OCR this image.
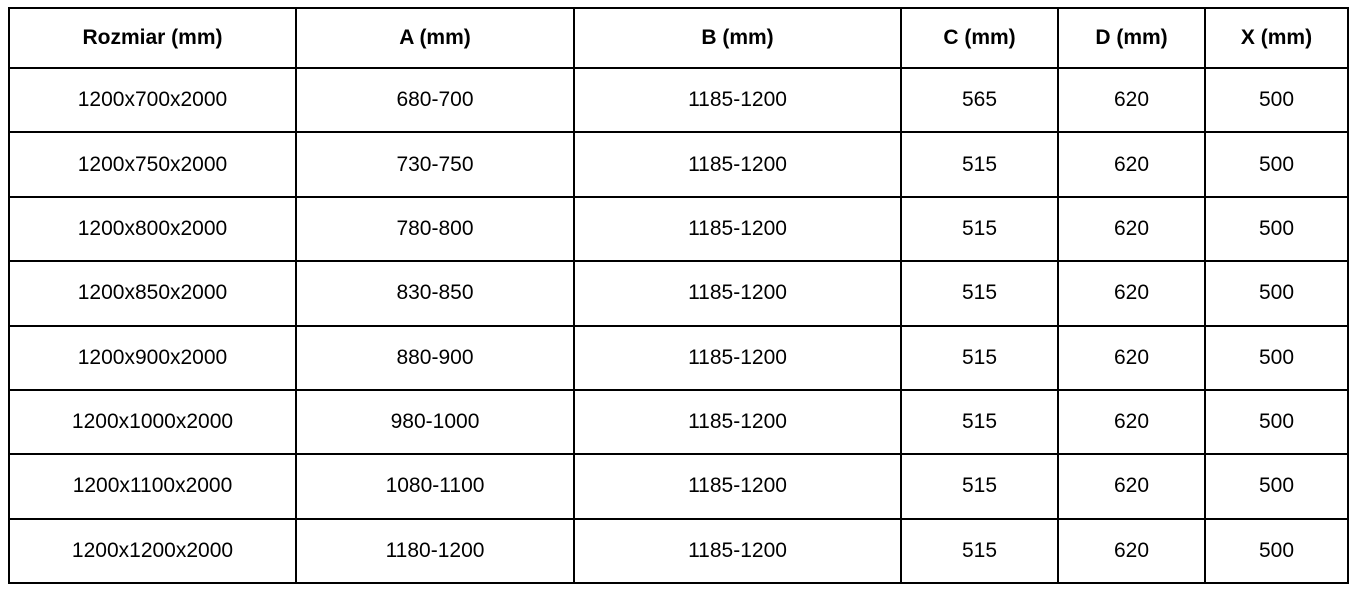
Rozmiar (mm)	A (mm)	B (mm)	C (mm)	D (mm)	X (mm)
1200x700x2000	680-700	1185-1200	565	620	500
1200x750x2000	730-750	1185-1200	515	620	500
1200x800x2000	780-800	1185-1200	515	620	500
1200x850x2000	830-850	1185-1200	515	620	500
1200x900x2000	880-900	1185-1200	515	620	500
1200x1000x2000	980-1000	1185-1200	515	620	500
1200x1100x2000	1080-1100	1185-1200	515	620	500
1200x1200x2000	1180-1200	1185-1200	515	620	500
